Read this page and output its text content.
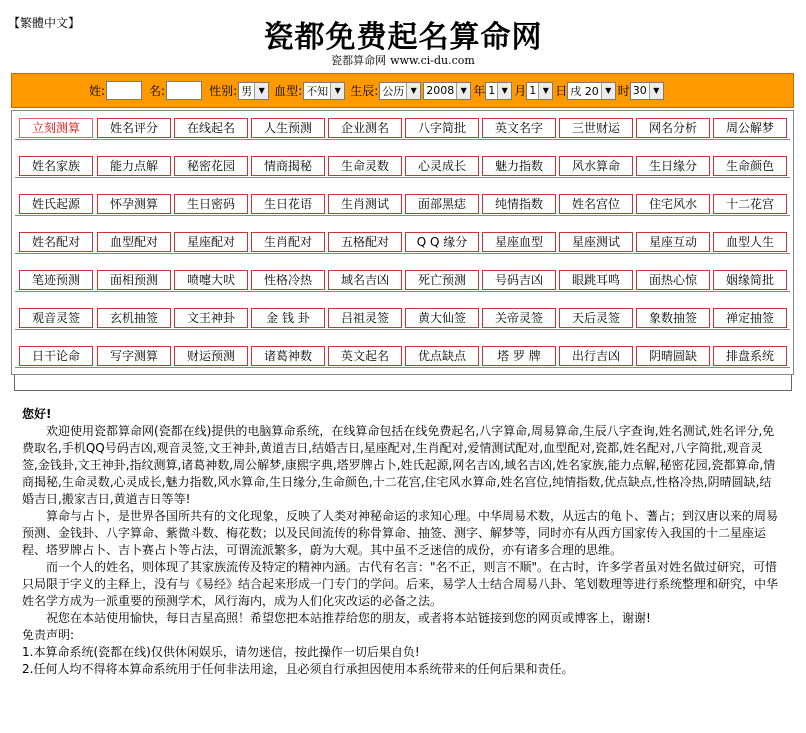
【繁體中文】	瓷都免费起名算命网
瓷都算命网 www.ci-du.com
姓:	名:	性别: 男 ▼ 血型: 不知 ▼ 生辰: 公历 ▼ 2008 ▼ 年 1 ▼ 月 1 ▼ 日 戌 20 ▼ 时 30 ▼
立刻测算	姓名评分	在线起名	人生预测	企业测名	八字简批	英文名字	三世财运	网名分析	周公解梦
姓名家族	能力点解	秘密花园	情商揭秘	生命灵数	心灵成长	魅力指数	风水算命	生日缘分	生命颜色
姓氏起源	怀孕测算	生日密码	生日花语	生肖测试	面部黑痣	纯情指数	姓名宫位	住宅风水	十二花宫
姓名配对	血型配对	星座配对	生肖配对	五格配对	Q Q 缘分	星座血型	星座测试	星座互动	血型人生
笔迹预测	面相预测	喷嚏大吠	性格冷热	域名吉凶	死亡预测	号码吉凶	眼跳耳鸣	面热心惊	姻缘简批
观音灵签	玄机抽签	文王神卦	金 钱 卦	吕祖灵签	黄大仙签	关帝灵签	天后灵签	象数抽签	禅定抽签
日干论命	写字测算	财运预测	诸葛神数	英文起名	优点缺点	塔 罗 牌	出行吉凶	阴晴圆缺	排盘系统

您好!

欢迎使用瓷都算命网(瓷都在线)提供的电脑算命系统，在线算命包括在线免费起名,八字算命,周易算命,生辰八字查询,姓名测试,姓名评分,免费取名,手机QQ号码吉凶,观音灵签,文王神卦,黄道吉日,结婚吉日,星座配对,生肖配对,爱情测试配对,血型配对,瓷都,姓名配对,八字简批,观音灵签,金钱卦,文王神卦,指纹测算,诸葛神数,周公解梦,康熙字典,塔罗牌占卜,姓氏起源,网名吉凶,域名吉凶,姓名家族,能力点解,秘密花园,瓷都算命,情商揭秘,生命灵数,心灵成长,魅力指数,风水算命,生日缘分,生命颜色,十二花宫,住宅风水算命,姓名宫位,纯情指数,优点缺点,性格冷热,阴晴圆缺,结婚吉日,搬家吉日,黄道吉日等等!

算命与占卜，是世界各国所共有的文化现象，反映了人类对神秘命运的求知心理。中华周易术数，从远古的龟卜、蓍占；到汉唐以来的周易预测、金钱卦、八字算命、紫微斗数、梅花数；以及民间流传的称骨算命、抽签、测字、解梦等，同时亦有从西方国家传入我国的十二星座运程、塔罗牌占卜、吉卜赛占卜等占法，可谓流派繁多，蔚为大观。其中虽不乏迷信的成份，亦有诸多合理的思维。

而一个人的姓名，则体现了其家族流传及特定的精神内涵。古代有名言："名不正，则言不顺"。在古时，许多学者虽对姓名做过研究，可惜只局限于字义的主释上，没有与《易经》结合起来形成一门专门的学问。后来，易学人士结合周易八卦、笔划数理等进行系统整理和研究，中华姓名学方成为一派重要的预测学术，风行海内，成为人们化灾改运的必备之法。

祝您在本站使用愉快，每日吉星高照！希望您把本站推荐给您的朋友，或者将本站链接到您的网页或博客上，谢谢!

免责声明:

1.本算命系统(瓷都在线)仅供休闲娱乐，请勿迷信，按此操作一切后果自负!

2.任何人均不得将本算命系统用于任何非法用途，且必须自行承担因使用本系统带来的任何后果和责任。
